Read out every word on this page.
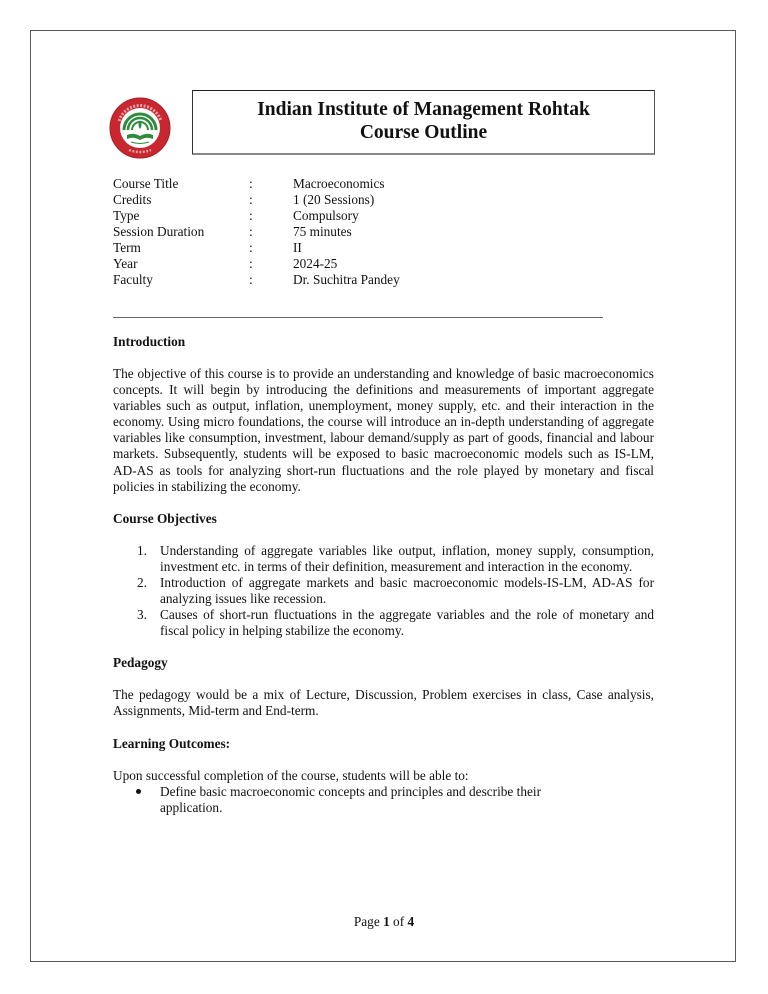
Indian Institute of Management Rohtak
Course Outline
Course Title	:	Macroeconomics
Credits	:	1 (20 Sessions)
Type	:	Compulsory
Session Duration	:	75 minutes
Term	:	II
Year	:	2024-25
Faculty	:	Dr. Suchitra Pandey
Introduction

The objective of this course is to provide an understanding and knowledge of basic macroeconomics concepts. It will begin by introducing the definitions and measurements of important aggregate variables such as output, inflation, unemployment, money supply, etc. and their interaction in the economy. Using micro foundations, the course will introduce an in-depth understanding of aggregate variables like consumption, investment, labour demand/supply as part of goods, financial and labour markets. Subsequently, students will be exposed to basic macroeconomic models such as IS-LM, AD-AS as tools for analyzing short-run fluctuations and the role played by monetary and fiscal policies in stabilizing the economy.

Course Objectives
1. Understanding of aggregate variables like output, inflation, money supply, consumption, investment etc. in terms of their definition, measurement and interaction in the economy.
2. Introduction of aggregate markets and basic macroeconomic models-IS-LM, AD-AS for analyzing issues like recession.
3. Causes of short-run fluctuations in the aggregate variables and the role of monetary and fiscal policy in helping stabilize the economy.
Pedagogy

The pedagogy would be a mix of Lecture, Discussion, Problem exercises in class, Case analysis, Assignments, Mid-term and End-term.

Learning Outcomes:

Upon successful completion of the course, students will be able to:

Define basic macroeconomic concepts and principles and describe their application.
Page 1 of 4
